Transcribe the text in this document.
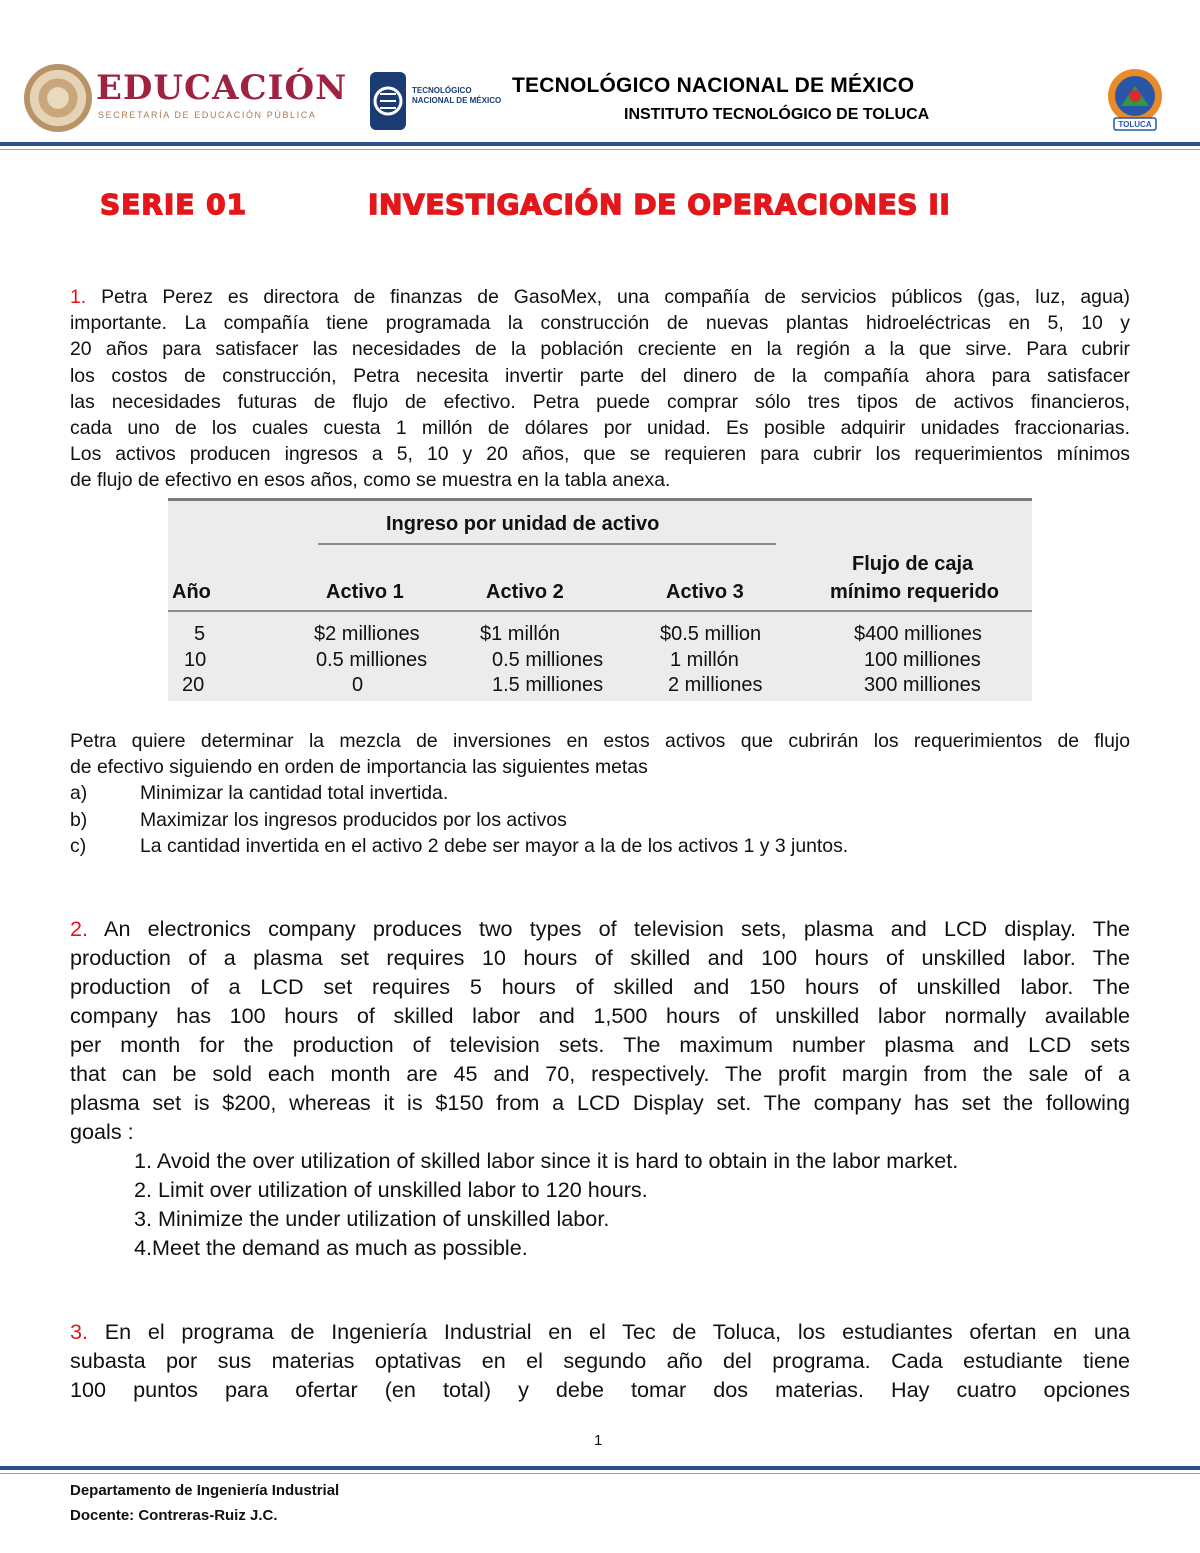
EDUCACIÓN
SECRETARÍA DE EDUCACIÓN PÚBLICA
TECNOLÓGICO
NACIONAL DE MÉXICO
TECNOLÓGICO NACIONAL DE MÉXICO
INSTITUTO TECNOLÓGICO DE TOLUCA
TOLUCA
SERIE 01	INVESTIGACIÓN DE OPERACIONES II
1. Petra Perez es directora de finanzas de GasoMex, una compañía de servicios públicos (gas, luz, agua)
importante. La compañía tiene programada la construcción de nuevas plantas hidroeléctricas en 5, 10 y
20 años para satisfacer las necesidades de la población creciente en la región a la que sirve. Para cubrir
los costos de construcción, Petra necesita invertir parte del dinero de la compañía ahora para satisfacer
las necesidades futuras de flujo de efectivo. Petra puede comprar sólo tres tipos de activos financieros,
cada uno de los cuales cuesta 1 millón de dólares por unidad. Es posible adquirir unidades fraccionarias.
Los activos producen ingresos a 5, 10 y 20 años, que se requieren para cubrir los requerimientos mínimos
de flujo de efectivo en esos años, como se muestra en la tabla anexa.
Ingreso por unidad de activo
Flujo de caja
Año	Activo 1	Activo 2	Activo 3	mínimo requerido
5	$2 milliones	$1 millón	$0.5 million	$400 milliones
10	0.5 milliones	0.5 milliones	1 millón	100 milliones
20	0	1.5 milliones	2 milliones	300 milliones
Petra quiere determinar la mezcla de inversiones en estos activos que cubrirán los requerimientos de flujo
de efectivo siguiendo en orden de importancia las siguientes metas
a)	Minimizar la cantidad total invertida.
b)	Maximizar los ingresos producidos por los activos
c)	La cantidad invertida en el activo 2 debe ser mayor a la de los activos 1 y 3 juntos.
2. An electronics company produces two types of television sets, plasma and LCD display. The
production of a plasma set requires 10 hours of skilled and 100 hours of unskilled labor. The
production of a LCD set requires 5 hours of skilled and 150 hours of unskilled labor. The
company has 100 hours of skilled labor and 1,500 hours of unskilled labor normally available
per month for the production of television sets. The maximum number plasma and LCD sets
that can be sold each month are 45 and 70, respectively. The profit margin from the sale of a
plasma set is $200, whereas it is $150 from a LCD Display set. The company has set the following
goals :
1. Avoid the over utilization of skilled labor since it is hard to obtain in the labor market.
2. Limit over utilization of unskilled labor to 120 hours.
3. Minimize the under utilization of unskilled labor.
4.Meet the demand as much as possible.
3. En el programa de Ingeniería Industrial en el Tec de Toluca, los estudiantes ofertan en una
subasta por sus materias optativas en el segundo año del programa. Cada estudiante tiene
100 puntos para ofertar (en total) y debe tomar dos materias. Hay cuatro opciones
1
Departamento de Ingeniería Industrial
Docente: Contreras-Ruiz J.C.
